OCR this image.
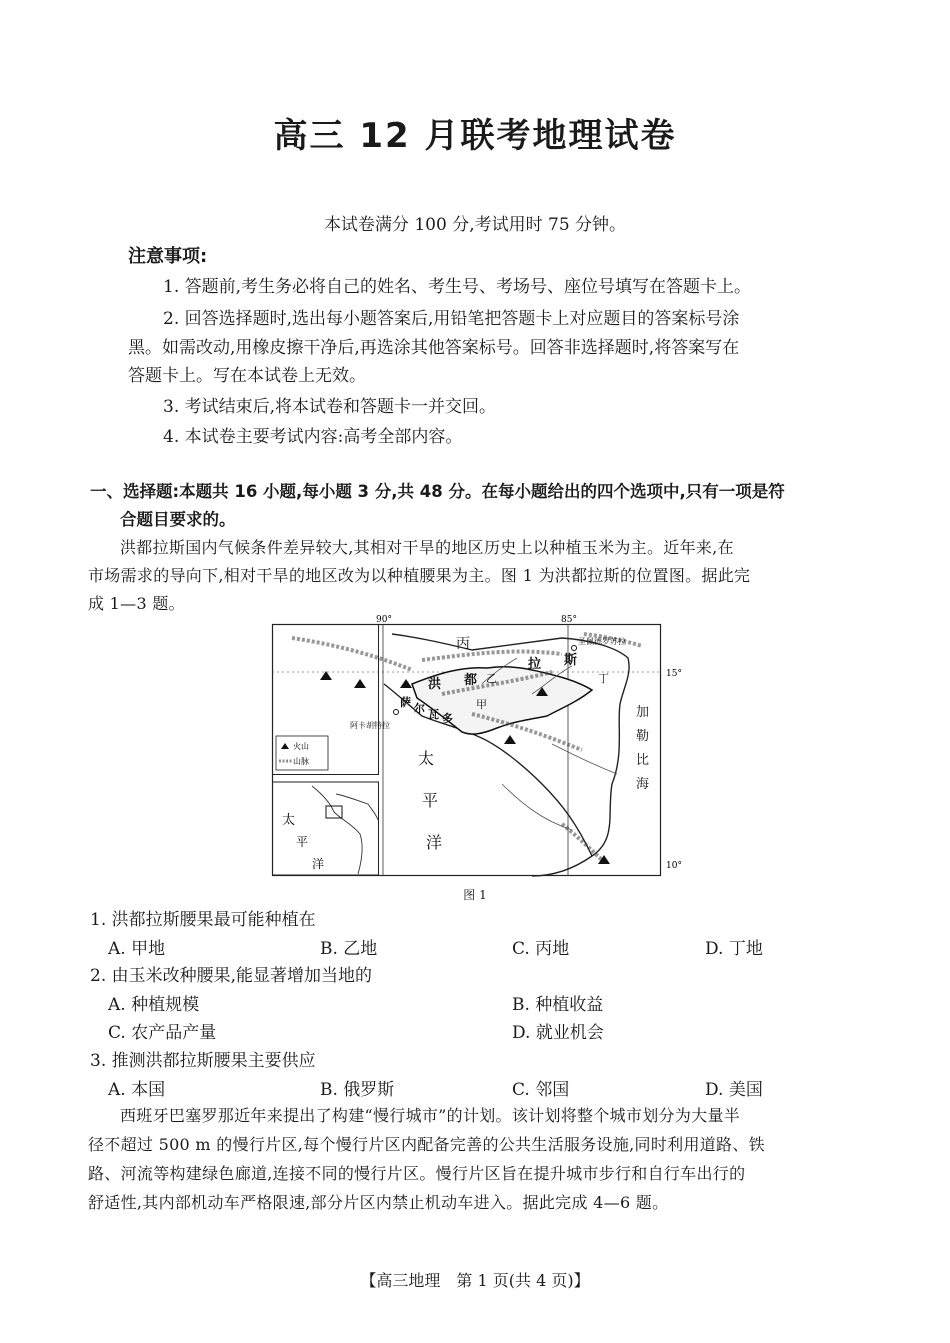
高三 12 月联考地理试卷
本试卷满分 100 分,考试用时 75 分钟。
注意事项:
1. 答题前,考生务必将自己的姓名、考生号、考场号、座位号填写在答题卡上。
2. 回答选择题时,选出每小题答案后,用铅笔把答题卡上对应题目的答案标号涂
黑。如需改动,用橡皮擦干净后,再选涂其他答案标号。回答非选择题时,将答案写在
答题卡上。写在本试卷上无效。
3. 考试结束后,将本试卷和答题卡一并交回。
4. 本试卷主要考试内容:高考全部内容。
一、选择题:本题共 16 小题,每小题 3 分,共 48 分。在每小题给出的四个选项中,只有一项是符
合题目要求的。
洪都拉斯国内气候条件差异较大,其相对干旱的地区历史上以种植玉米为主。近年来,在
市场需求的导向下,相对干旱的地区改为以种植腰果为主。图 1 为洪都拉斯的位置图。据此完
成 1—3 题。
90°	85°
15°
10°
丙
乙
洪 都
甲
拉 斯
丁
萨 尔 瓦 多
太
平
洋
加
勒
比
海
圣佩德罗苏拉
阿卡胡特拉
火山
山脉
太
平
洋
图 1
1. 洪都拉斯腰果最可能种植在
A. 甲地	B. 乙地	C. 丙地	D. 丁地
2. 由玉米改种腰果,能显著增加当地的
A. 种植规模	B. 种植收益
C. 农产品产量	D. 就业机会
3. 推测洪都拉斯腰果主要供应
A. 本国	B. 俄罗斯	C. 邻国	D. 美国
西班牙巴塞罗那近年来提出了构建“慢行城市”的计划。该计划将整个城市划分为大量半
径不超过 500 m 的慢行片区,每个慢行片区内配备完善的公共生活服务设施,同时利用道路、铁
路、河流等构建绿色廊道,连接不同的慢行片区。慢行片区旨在提升城市步行和自行车出行的
舒适性,其内部机动车严格限速,部分片区内禁止机动车进入。据此完成 4—6 题。
【高三地理　第 1 页(共 4 页)】
